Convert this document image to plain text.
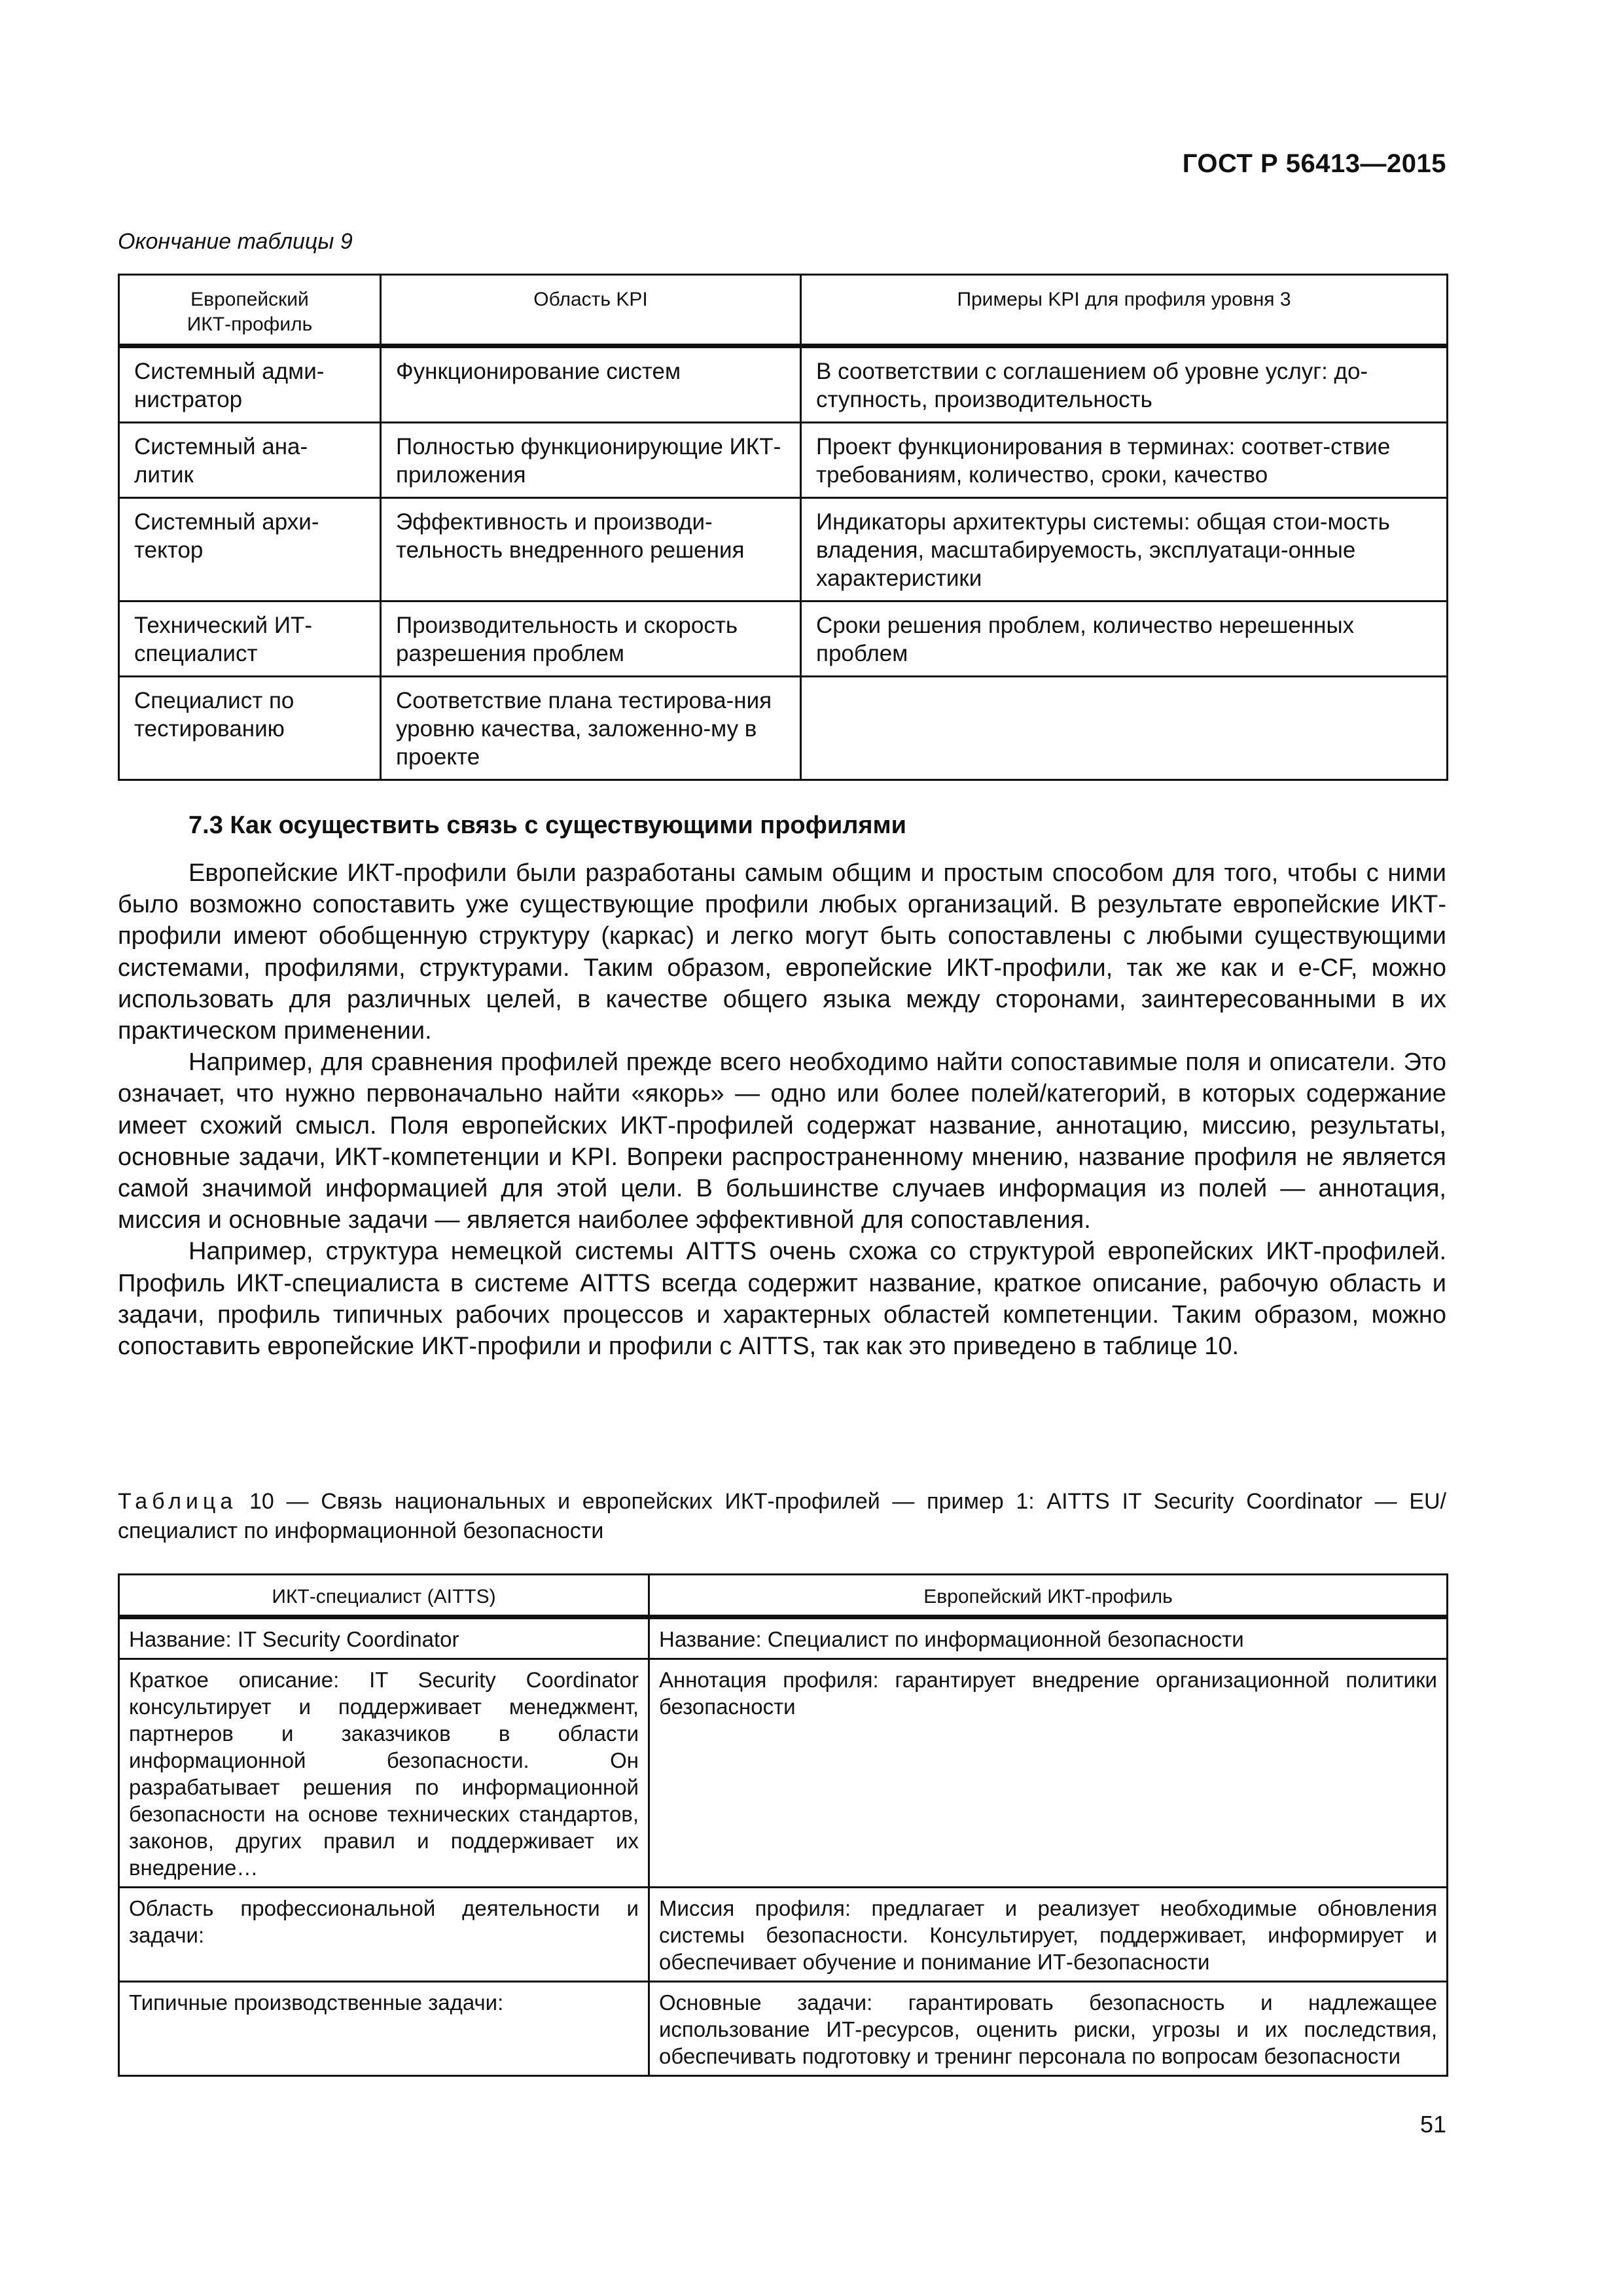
ГОСТ Р 56413—2015
Окончание таблицы 9
Европейский ИКТ-профиль	Область KPI	Примеры KPI для профиля уровня 3
Системный адми-нистратор	Функционирование систем	В соответствии с соглашением об уровне услуг: до-ступность, производительность
Системный ана-литик	Полностью функционирующие ИКТ-приложения	Проект функционирования в терминах: соответ-ствие требованиям, количество, сроки, качество
Системный архи-тектор	Эффективность и производи-тельность внедренного решения	Индикаторы архитектуры системы: общая стои-мость владения, масштабируемость, эксплуатаци-онные характеристики
Технический ИТ-специалист	Производительность и скорость разрешения проблем	Сроки решения проблем, количество нерешенных проблем
Специалист по тестированию	Соответствие плана тестирова-ния уровню качества, заложенно-му в проекте	
7.3 Как осуществить связь с существующими профилями

Европейские ИКТ-профили были разработаны самым общим и простым способом для того, чтобы с ними было возможно сопоставить уже существующие профили любых организаций. В результате европейские ИКТ-профили имеют обобщенную структуру (каркас) и легко могут быть сопоставлены с любыми существующими системами, профилями, структурами. Таким образом, европейские ИКТ-профили, так же как и e-CF, можно использовать для различных целей, в качестве общего языка между сторонами, заинтересованными в их практическом применении.

Например, для сравнения профилей прежде всего необходимо найти сопоставимые поля и описатели. Это означает, что нужно первоначально найти «якорь» — одно или более полей/категорий, в которых содержание имеет схожий смысл. Поля европейских ИКТ-профилей содержат название, аннотацию, миссию, результаты, основные задачи, ИКТ-компетенции и KPI. Вопреки распространенному мнению, название профиля не является самой значимой информацией для этой цели. В большинстве случаев информация из полей — аннотация, миссия и основные задачи — является наиболее эффективной для сопоставления.

Например, структура немецкой системы AITTS очень схожа со структурой европейских ИКТ-профилей. Профиль ИКТ-специалиста в системе AITTS всегда содержит название, краткое описание, рабочую область и задачи, профиль типичных рабочих процессов и характерных областей компетенции. Таким образом, можно сопоставить европейские ИКТ-профили и профили с AITTS, так как это приведено в таблице 10.

Таблица 10 — Связь национальных и европейских ИКТ-профилей — пример 1: AITTS IT Security Coordinator — EU/специалист по информационной безопасности
ИКТ-специалист (AITTS)	Европейский ИКТ-профиль
Название: IT Security Coordinator	Название: Специалист по информационной безопасности
Краткое описание: IT Security Coordinator консультирует и поддерживает менеджмент, партнеров и заказчиков в области информационной безопасности. Он разрабатывает решения по информационной безопасности на основе технических стандартов, законов, других правил и поддерживает их внедрение…	Аннотация профиля: гарантирует внедрение организационной политики безопасности
Область профессиональной деятельности и задачи:	Миссия профиля: предлагает и реализует необходимые обновления системы безопасности. Консультирует, поддерживает, информирует и обеспечивает обучение и понимание ИТ-безопасности
Типичные производственные задачи:	Основные задачи: гарантировать безопасность и надлежащее использование ИТ-ресурсов, оценить риски, угрозы и их последствия, обеспечивать подготовку и тренинг персонала по вопросам безопасности
51
